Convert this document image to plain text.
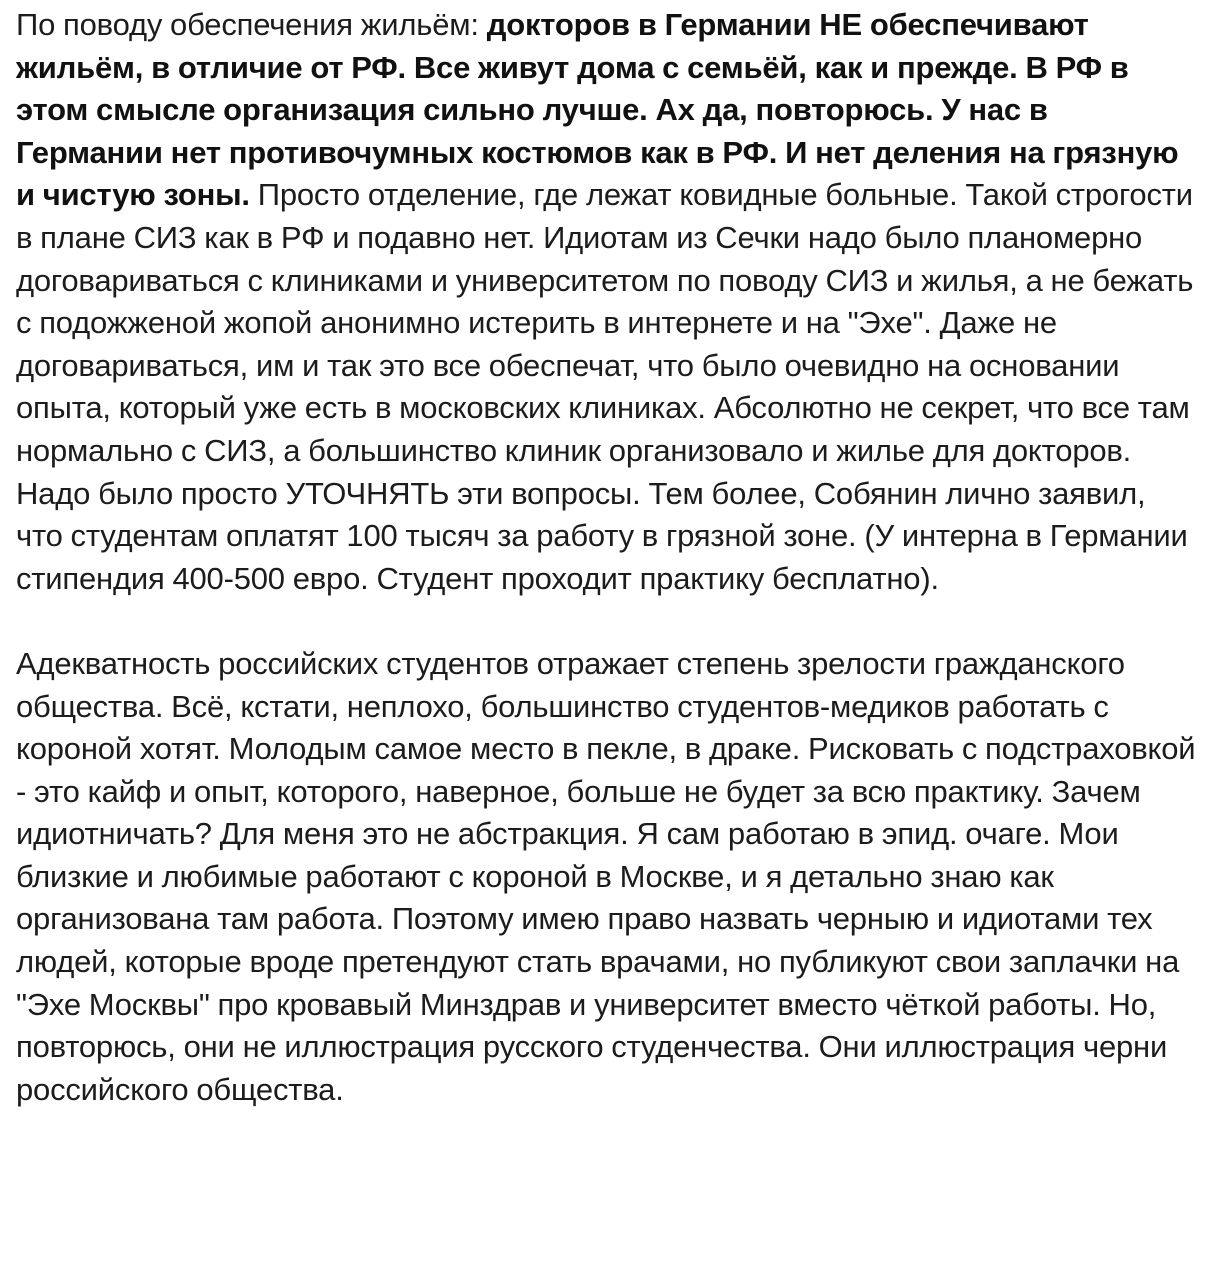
По поводу обеспечения жильём: докторов в Германии НЕ обеспечивают жильём, в отличие от РФ. Все живут дома с семьёй, как и прежде. В РФ в этом смысле организация сильно лучше. Ах да, повторюсь. У нас в Германии нет противочумных костюмов как в РФ. И нет деления на грязную и чистую зоны. Просто отделение, где лежат ковидные больные. Такой строгости в плане СИЗ как в РФ и подавно нет. Идиотам из Сечки надо было планомерно договариваться с клиниками и университетом по поводу СИЗ и жилья, а не бежать с подожженой жопой анонимно истерить в интернете и на "Эхе". Даже не договариваться, им и так это все обеспечат, что было очевидно на основании опыта, который уже есть в московских клиниках. Абсолютно не секрет, что все там нормально с СИЗ, а большинство клиник организовало и жилье для докторов. Надо было просто УТОЧНЯТЬ эти вопросы. Тем более, Собянин лично заявил, что студентам оплатят 100 тысяч за работу в грязной зоне. (У интерна в Германии стипендия 400-500 евро. Студент проходит практику бесплатно).

Адекватность российских студентов отражает степень зрелости гражданского общества. Всё, кстати, неплохо, большинство студентов-медиков работать с короной хотят. Молодым самое место в пекле, в драке. Рисковать с подстраховкой - это кайф и опыт, которого, наверное, больше не будет за всю практику. Зачем идиотничать? Для меня это не абстракция. Я сам работаю в эпид. очаге. Мои близкие и любимые работают с короной в Москве, и я детально знаю как организована там работа. Поэтому имею право назвать черныю и идиотами тех людей, которые вроде претендуют стать врачами, но публикуют свои заплачки на "Эхе Москвы" про кровавый Минздрав и университет вместо чёткой работы. Но, повторюсь, они не иллюстрация русского студенчества. Они иллюстрация черни российского общества.
